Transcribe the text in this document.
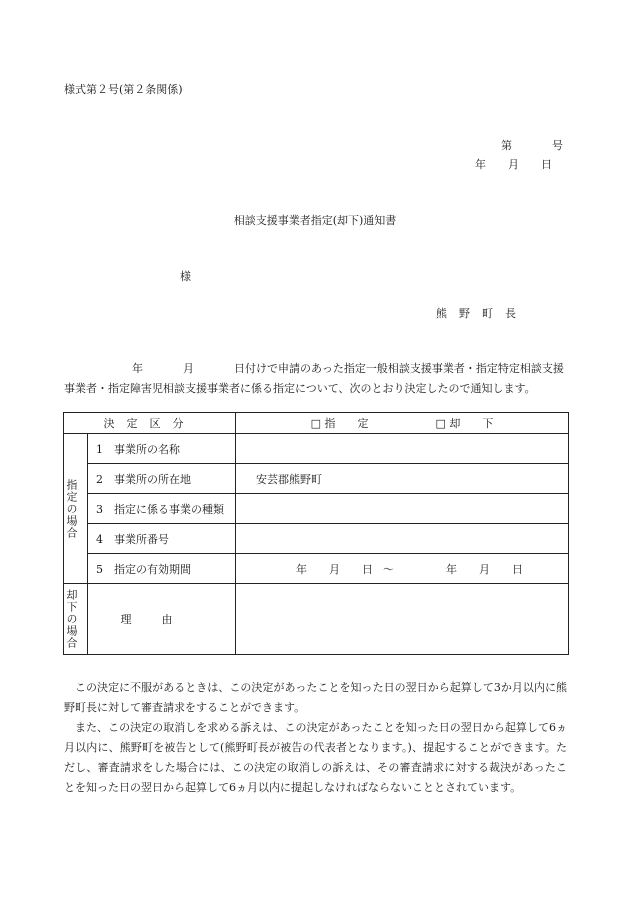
様式第２号(第２条関係)
第	号
年 月 日
相談支援事業者指定(却下)通知書
様
熊野町長
年	月	日付けで申請のあった指定一般相談支援事業者・指定特定相談支援事業者・指定障害児相談支援事業者に係る指定について、次のとおり決定したので通知します。
決定区分		□ 指　　定 □ 却　　下

指定の場合	1 事業所の名称	
	2 事業所の所在地	安芸郡熊野町
	3 指定に係る事業の種類	
	4 事業所番号	
	5 指定の有効期間	年 月 日 ～ 年 月 日

却下の場合	理由	

この決定に不服があるときは、この決定があったことを知った日の翌日から起算して3か月以内に熊野町長に対して審査請求をすることができます。

また、この決定の取消しを求める訴えは、この決定があったことを知った日の翌日から起算して6ヵ月以内に、熊野町を被告として(熊野町長が被告の代表者となります。)、提起することができます。ただし、審査請求をした場合には、この決定の取消しの訴えは、その審査請求に対する裁決があったことを知った日の翌日から起算して6ヵ月以内に提起しなければならないこととされています。
